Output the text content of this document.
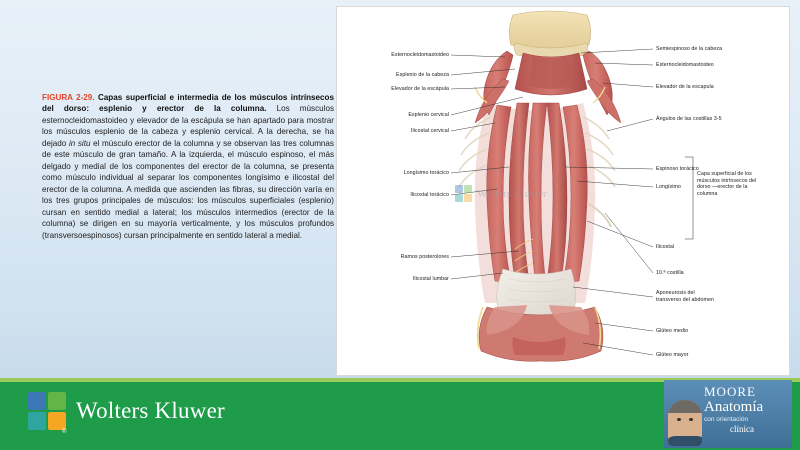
FIGURA 2-29. Capas superficial e intermedia de los músculos intrínsecos del dorso: esplenio y erector de la columna. Los músculos esternocleidomastoideo y elevador de la escápula se han apartado para mostrar los músculos esplenio de la cabeza y esplenio cervical. A la derecha, se ha dejado in situ el músculo erector de la columna y se observan las tres columnas de este músculo de gran tamaño. A la izquierda, el músculo espinoso, el más delgado y medial de los componentes del erector de la columna, se presenta como músculo individual al separar los componentes longísimo e ilicostal del erector de la columna. A medida que ascienden las fibras, su dirección varía en los tres grupos principales de músculos: los músculos superficiales (esplenio) cursan en sentido medial a lateral; los músculos intermedios (erector de la columna) se dirigen en su mayoría verticalmente, y los músculos profundos (transversoespinosos) cursan principalmente en sentido lateral a medial.
Wolters Kluwer
Esternocleidomastoideo
Esplenio de la cabeza
Elevador de la escápula
Esplenio cervical
Ilicostal cervical
Longísimo torácico
Ilicostal torácico
Ramos posterolores
Ilicostal lumbar
Semiespinoso de la cabeza
Esternocleidomastoideo
Elevador de la escapula
Ángulos de las costillas 3-5
Espinoso torácico
Longísimo
Ilicostal
10.ª costilla
Aponeurosis del transverso del abdomen
Glúteo medio
Glúteo mayor
Capa superficial de los músculos intrínsecos del dorso —erector de la columna
Wolters Kluwer
®
MOORE
Anatomía
con orientación
clínica
